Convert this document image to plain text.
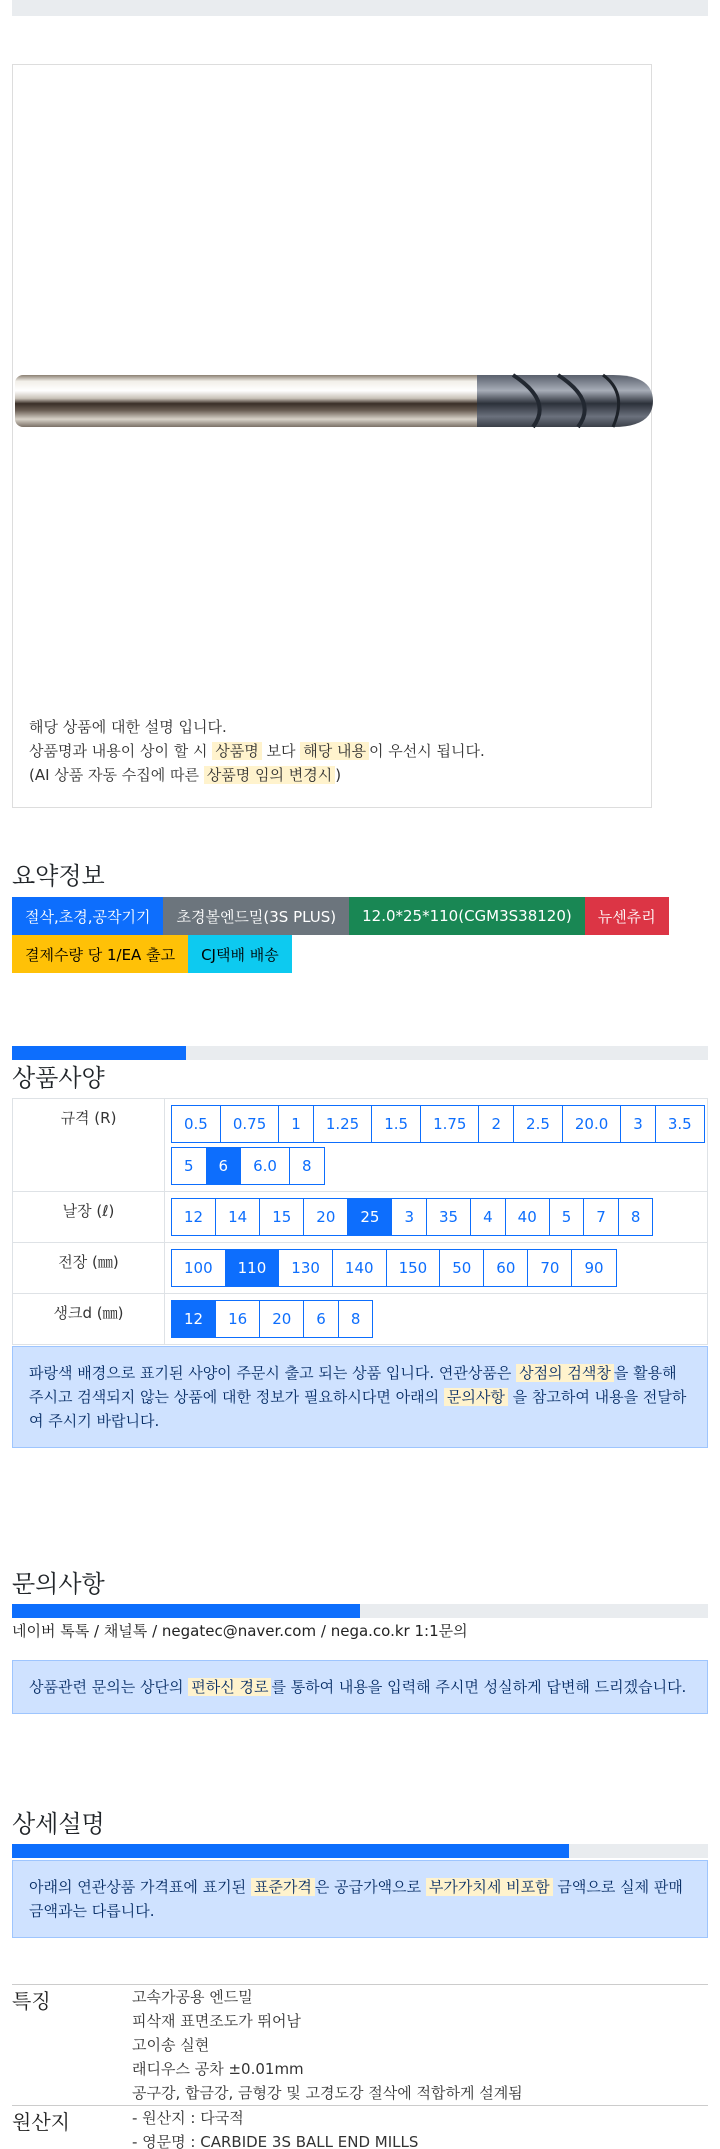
해당 상품에 대한 설명 입니다.
상품명과 내용이 상이 할 시 상품명 보다 해당 내용 이 우선시 됩니다.
(AI 상품 자동 수집에 따른 상품명 임의 변경시 )
요약정보
절삭,초경,공작기기	초경볼엔드밀(3S PLUS)	12.0*25*110(CGM3S38120)	뉴센츄리
결제수량 당 1/EA 출고	CJ택배 배송
상품사양
규격 (R)	0.5	0.75	1	1.25	1.5	1.75	2	2.5	20.0	3	3.5
5	6	6.0	8
날장 (ℓ)	12	14	15	20	25	3	35	4	40	5	7	8
전장 (㎜)	100	110	130	140	150	50	60	70	90
생크d (㎜)	12	16	20	6	8
파랑색 배경으로 표기된 사양이 주문시 출고 되는 상품 입니다. 연관상품은 상점의 검색창 을 활용해 주시고 검색되지 않는 상품에 대한 정보가 필요하시다면 아래의 문의사항 을 참고하여 내용을 전달하여 주시기 바랍니다.
문의사항
네이버 톡톡 / 채널톡 / negatec@naver.com / nega.co.kr 1:1문의
상품관련 문의는 상단의 편하신 경로 를 통하여 내용을 입력해 주시면 성실하게 답변해 드리겠습니다.
상세설명
아래의 연관상품 가격표에 표기된 표준가격 은 공급가액으로 부가가치세 비포함 금액으로 실제 판매금액과는 다릅니다.
특징	고속가공용 엔드밀
피삭재 표면조도가 뛰어남
고이송 실현
래디우스 공차 ±0.01mm
공구강, 합금강, 금형강 및 고경도강 절삭에 적합하게 설계됨
원산지	- 원산지 : 다국적
- 영문명 : CARBIDE 3S BALL END MILLS
